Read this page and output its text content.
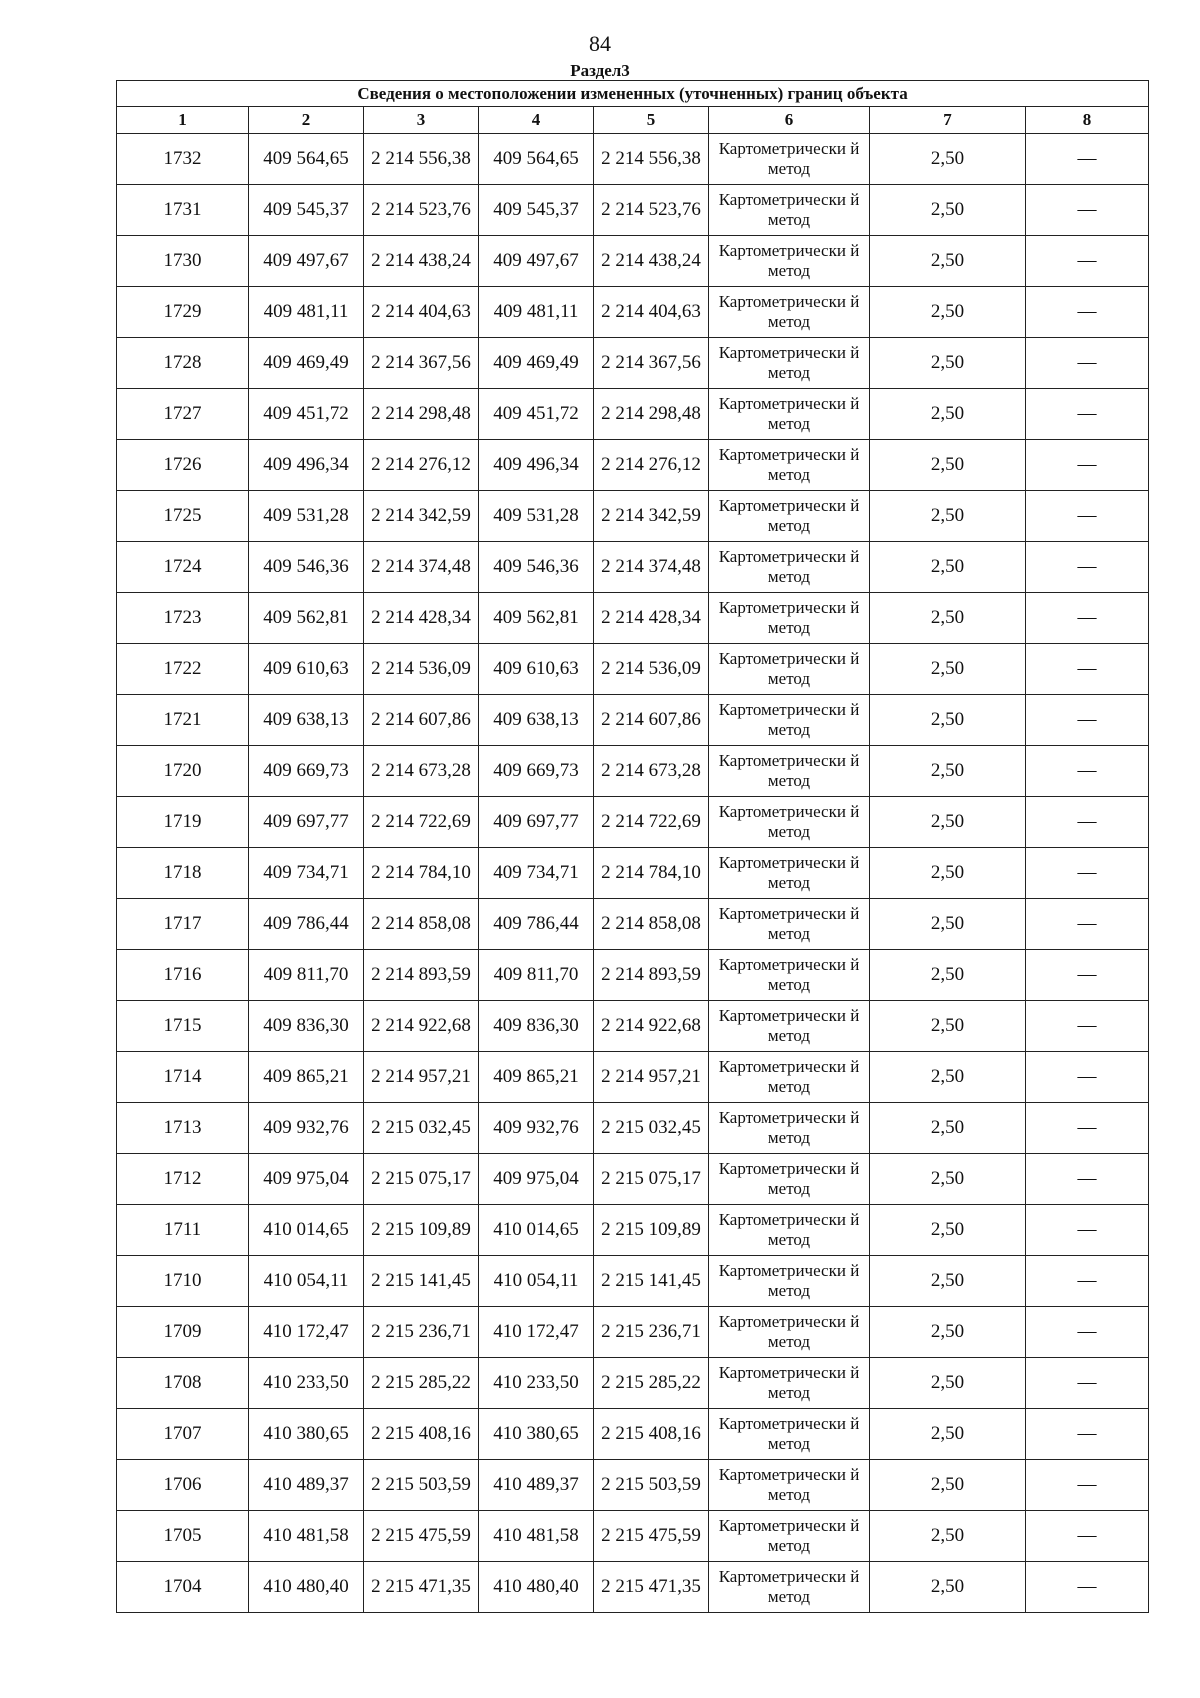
84
Раздел3
Сведения о местоположении измененных (уточненных) границ объекта							
1	2	3	4	5	6	7	8
1732	409 564,65	2 214 556,38	409 564,65	2 214 556,38	Картометрически й метод	2,50	—
1731	409 545,37	2 214 523,76	409 545,37	2 214 523,76	Картометрически й метод	2,50	—
1730	409 497,67	2 214 438,24	409 497,67	2 214 438,24	Картометрически й метод	2,50	—
1729	409 481,11	2 214 404,63	409 481,11	2 214 404,63	Картометрически й метод	2,50	—
1728	409 469,49	2 214 367,56	409 469,49	2 214 367,56	Картометрически й метод	2,50	—
1727	409 451,72	2 214 298,48	409 451,72	2 214 298,48	Картометрически й метод	2,50	—
1726	409 496,34	2 214 276,12	409 496,34	2 214 276,12	Картометрически й метод	2,50	—
1725	409 531,28	2 214 342,59	409 531,28	2 214 342,59	Картометрически й метод	2,50	—
1724	409 546,36	2 214 374,48	409 546,36	2 214 374,48	Картометрически й метод	2,50	—
1723	409 562,81	2 214 428,34	409 562,81	2 214 428,34	Картометрически й метод	2,50	—
1722	409 610,63	2 214 536,09	409 610,63	2 214 536,09	Картометрически й метод	2,50	—
1721	409 638,13	2 214 607,86	409 638,13	2 214 607,86	Картометрически й метод	2,50	—
1720	409 669,73	2 214 673,28	409 669,73	2 214 673,28	Картометрически й метод	2,50	—
1719	409 697,77	2 214 722,69	409 697,77	2 214 722,69	Картометрически й метод	2,50	—
1718	409 734,71	2 214 784,10	409 734,71	2 214 784,10	Картометрически й метод	2,50	—
1717	409 786,44	2 214 858,08	409 786,44	2 214 858,08	Картометрически й метод	2,50	—
1716	409 811,70	2 214 893,59	409 811,70	2 214 893,59	Картометрически й метод	2,50	—
1715	409 836,30	2 214 922,68	409 836,30	2 214 922,68	Картометрически й метод	2,50	—
1714	409 865,21	2 214 957,21	409 865,21	2 214 957,21	Картометрически й метод	2,50	—
1713	409 932,76	2 215 032,45	409 932,76	2 215 032,45	Картометрически й метод	2,50	—
1712	409 975,04	2 215 075,17	409 975,04	2 215 075,17	Картометрически й метод	2,50	—
1711	410 014,65	2 215 109,89	410 014,65	2 215 109,89	Картометрически й метод	2,50	—
1710	410 054,11	2 215 141,45	410 054,11	2 215 141,45	Картометрически й метод	2,50	—
1709	410 172,47	2 215 236,71	410 172,47	2 215 236,71	Картометрически й метод	2,50	—
1708	410 233,50	2 215 285,22	410 233,50	2 215 285,22	Картометрически й метод	2,50	—
1707	410 380,65	2 215 408,16	410 380,65	2 215 408,16	Картометрически й метод	2,50	—
1706	410 489,37	2 215 503,59	410 489,37	2 215 503,59	Картометрически й метод	2,50	—
1705	410 481,58	2 215 475,59	410 481,58	2 215 475,59	Картометрически й метод	2,50	—
1704	410 480,40	2 215 471,35	410 480,40	2 215 471,35	Картометрически й метод	2,50	—
